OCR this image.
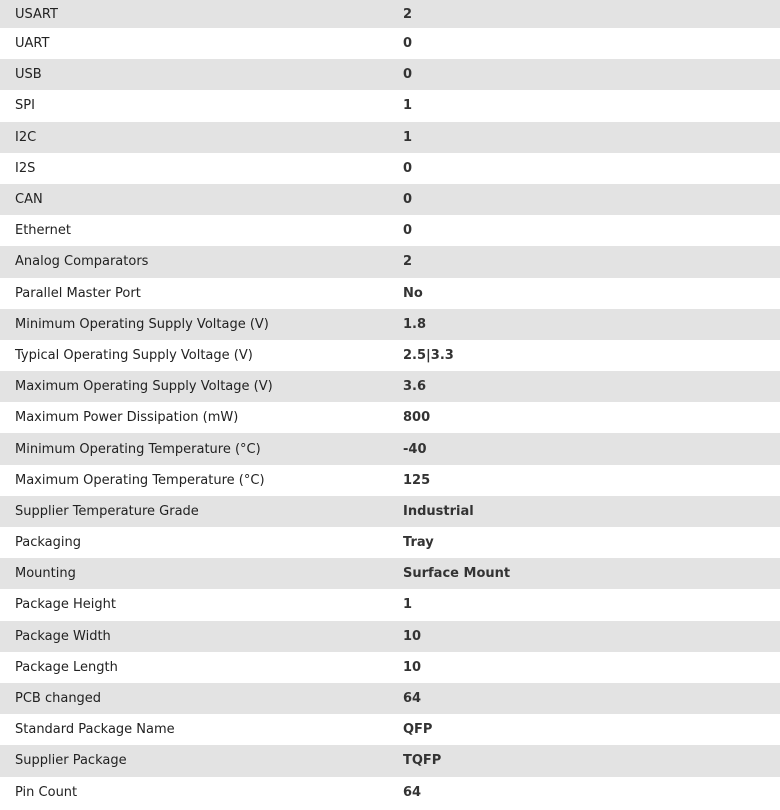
USART	2
UART	0
USB	0
SPI	1
I2C	1
I2S	0
CAN	0
Ethernet	0
Analog Comparators	2
Parallel Master Port	No
Minimum Operating Supply Voltage (V)	1.8
Typical Operating Supply Voltage (V)	2.5|3.3
Maximum Operating Supply Voltage (V)	3.6
Maximum Power Dissipation (mW)	800
Minimum Operating Temperature (°C)	-40
Maximum Operating Temperature (°C)	125
Supplier Temperature Grade	Industrial
Packaging	Tray
Mounting	Surface Mount
Package Height	1
Package Width	10
Package Length	10
PCB changed	64
Standard Package Name	QFP
Supplier Package	TQFP
Pin Count	64
